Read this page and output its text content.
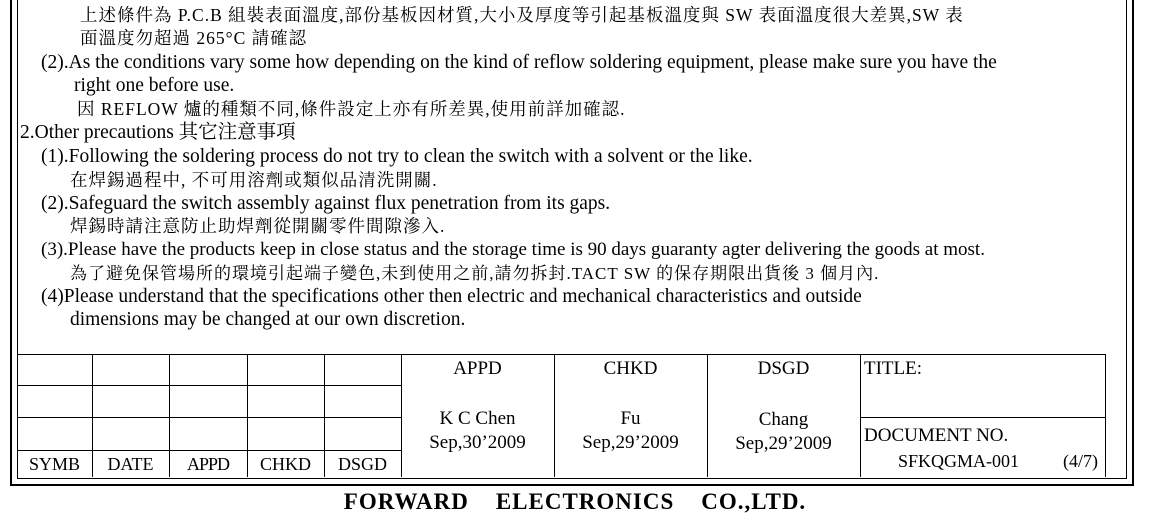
上述條件為 P.C.B 組裝表面溫度,部份基板因材質,大小及厚度等引起基板溫度與 SW 表面溫度很大差異,SW 表
面溫度勿超過 265°C 請確認
(2).As the conditions vary some how depending on the kind of reflow soldering equipment, please make sure you have the
right one before use.
因 REFLOW 爐的種類不同,條件設定上亦有所差異,使用前詳加確認.
2.Other precautions 其它注意事項
(1).Following the soldering process do not try to clean the switch with a solvent or the like.
在焊錫過程中, 不可用溶劑或類似品清洗開關.
(2).Safeguard the switch assembly against flux penetration from its gaps.
焊錫時請注意防止助焊劑從開關零件間隙滲入.
(3).Please have the products keep in close status and the storage time is 90 days guaranty agter delivering the goods at most.
為了避免保管場所的環境引起端子變色,未到使用之前,請勿拆封.TACT SW 的保存期限出貨後 3 個月內.
(4)Please understand that the specifications other then electric and mechanical characteristics and outside
dimensions may be changed at our own discretion.
SYMB	DATE	APPD	CHKD	DSGD
APPD
K C Chen
Sep,30’2009
CHKD
Fu
Sep,29’2009
DSGD
Chang
Sep,29’2009
TITLE:
DOCUMENT NO.
SFKQGMA-001 (4/7)
FORWARD    ELECTRONICS    CO.,LTD.
